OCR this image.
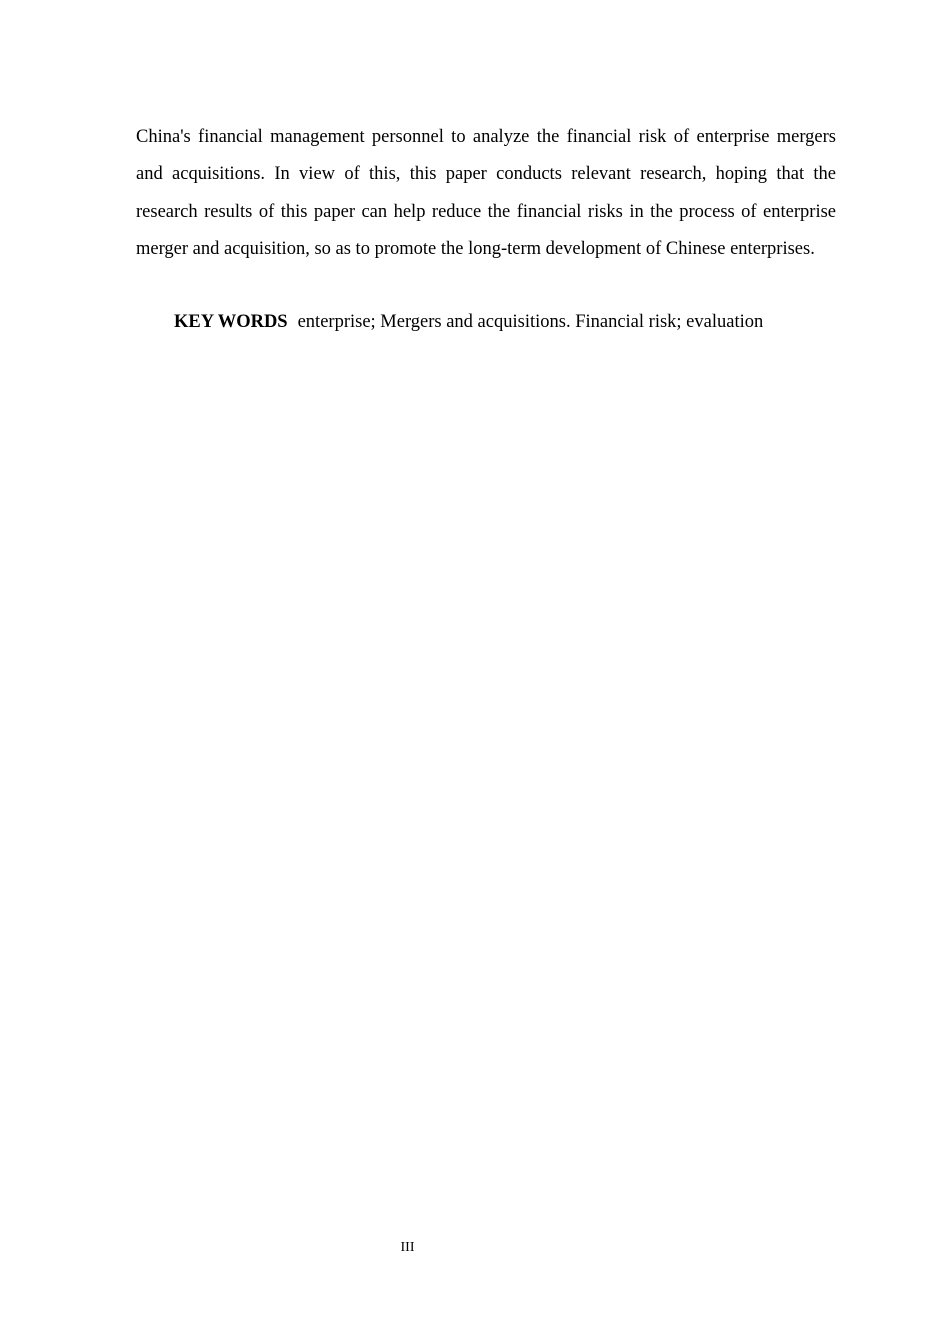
China's financial management personnel to analyze the financial risk of enterprise mergers and acquisitions. In view of this, this paper conducts relevant research, hoping that the research results of this paper can help reduce the financial risks in the process of enterprise merger and acquisition, so as to promote the long-term development of Chinese enterprises.

KEY WORDS enterprise; Mergers and acquisitions. Financial risk; evaluation

III
